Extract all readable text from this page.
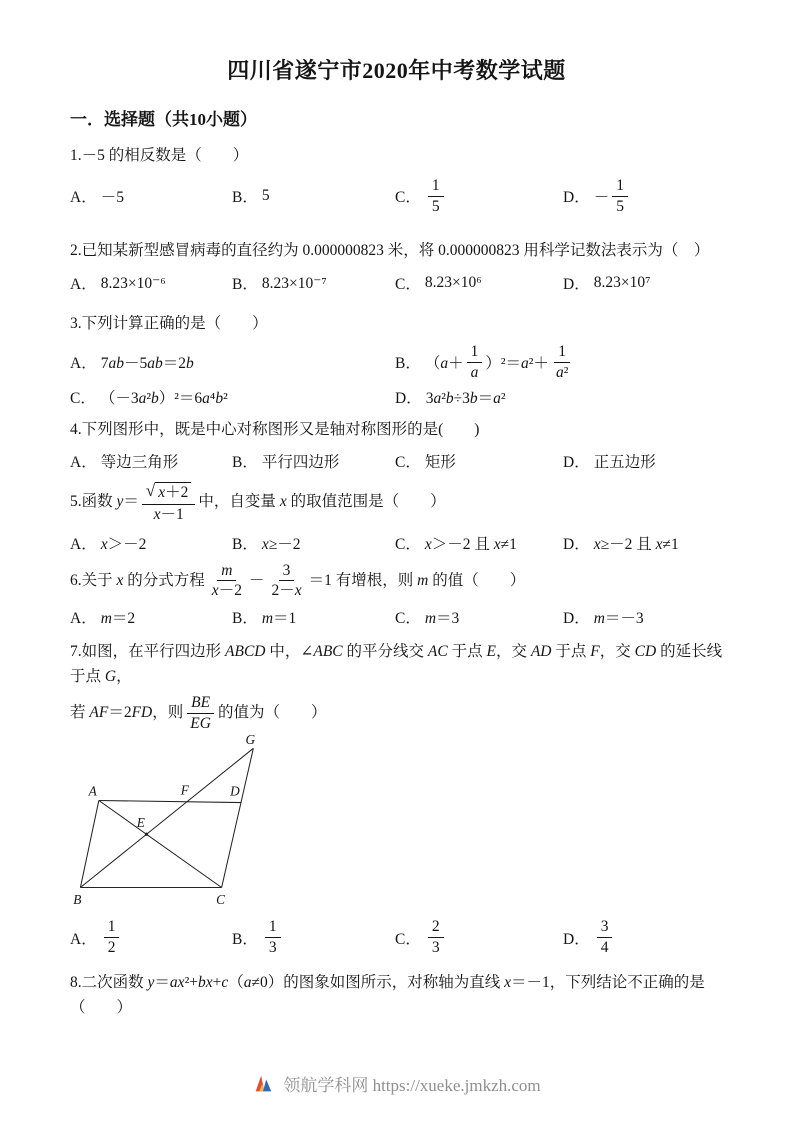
四川省遂宁市2020年中考数学试题
一．选择题（共10小题）
1.－5 的相反数是（　　）
A． －5	B． 5	C． $\frac{1}{5}$	D． － $\frac{1}{5}$
2.已知某新型感冒病毒的直径约为 0.000000823 米，将 0.000000823 用科学记数法表示为（　）
A． 8.23×10⁻⁶	B． 8.23×10⁻⁷	C． 8.23×10⁶	D． 8.23×10⁷
3.下列计算正确的是（　　）
A． 7ab－5ab＝2b	B． $(a+ \frac{1}{a} )^2=a^2+ \frac{1}{\text{a²}}$
C． （－3a²b）²＝6a⁴b²	D． 3a²b÷3b＝a²
4.下列图形中，既是中心对称图形又是轴对称图形的是(　　)
A． 等边三角形	B． 平行四边形	C． 矩形	D． 正五边形
5.函数 $y= \frac{√ x+2}{x-1}$ 中，自变量 x 的取值范围是（　　）
A． x＞－2	B． x≥－2	C． x＞－2 且 x≠1	D． x≥－2 且 x≠1
6.关于 x 的分式方程 $\frac{m}{x-2} - \frac{3}{2-x} =1$ 有增根，则 m 的值（　　）
A． m＝2	B． m＝1	C． m＝3	D． m＝－3
7.如图，在平行四边形 ABCD 中，∠ABC 的平分线交 AC 于点 E，交 AD 于点 F，交 CD 的延长线于点 G，
若 AF＝2FD，则 $\frac{BE}{EG}$ 的值为（　　）
G
A	F	D
E
B	C
A． $\frac{1}{2}$	B． $\frac{1}{3}$	C． $\frac{2}{3}$	D． $\frac{3}{4}$
8.二次函数 y＝ax²+bx+c（a≠0）的图象如图所示，对称轴为直线 x＝－1，下列结论不正确的是（　　）
领航学科网 https://xueke.jmkzh.com
